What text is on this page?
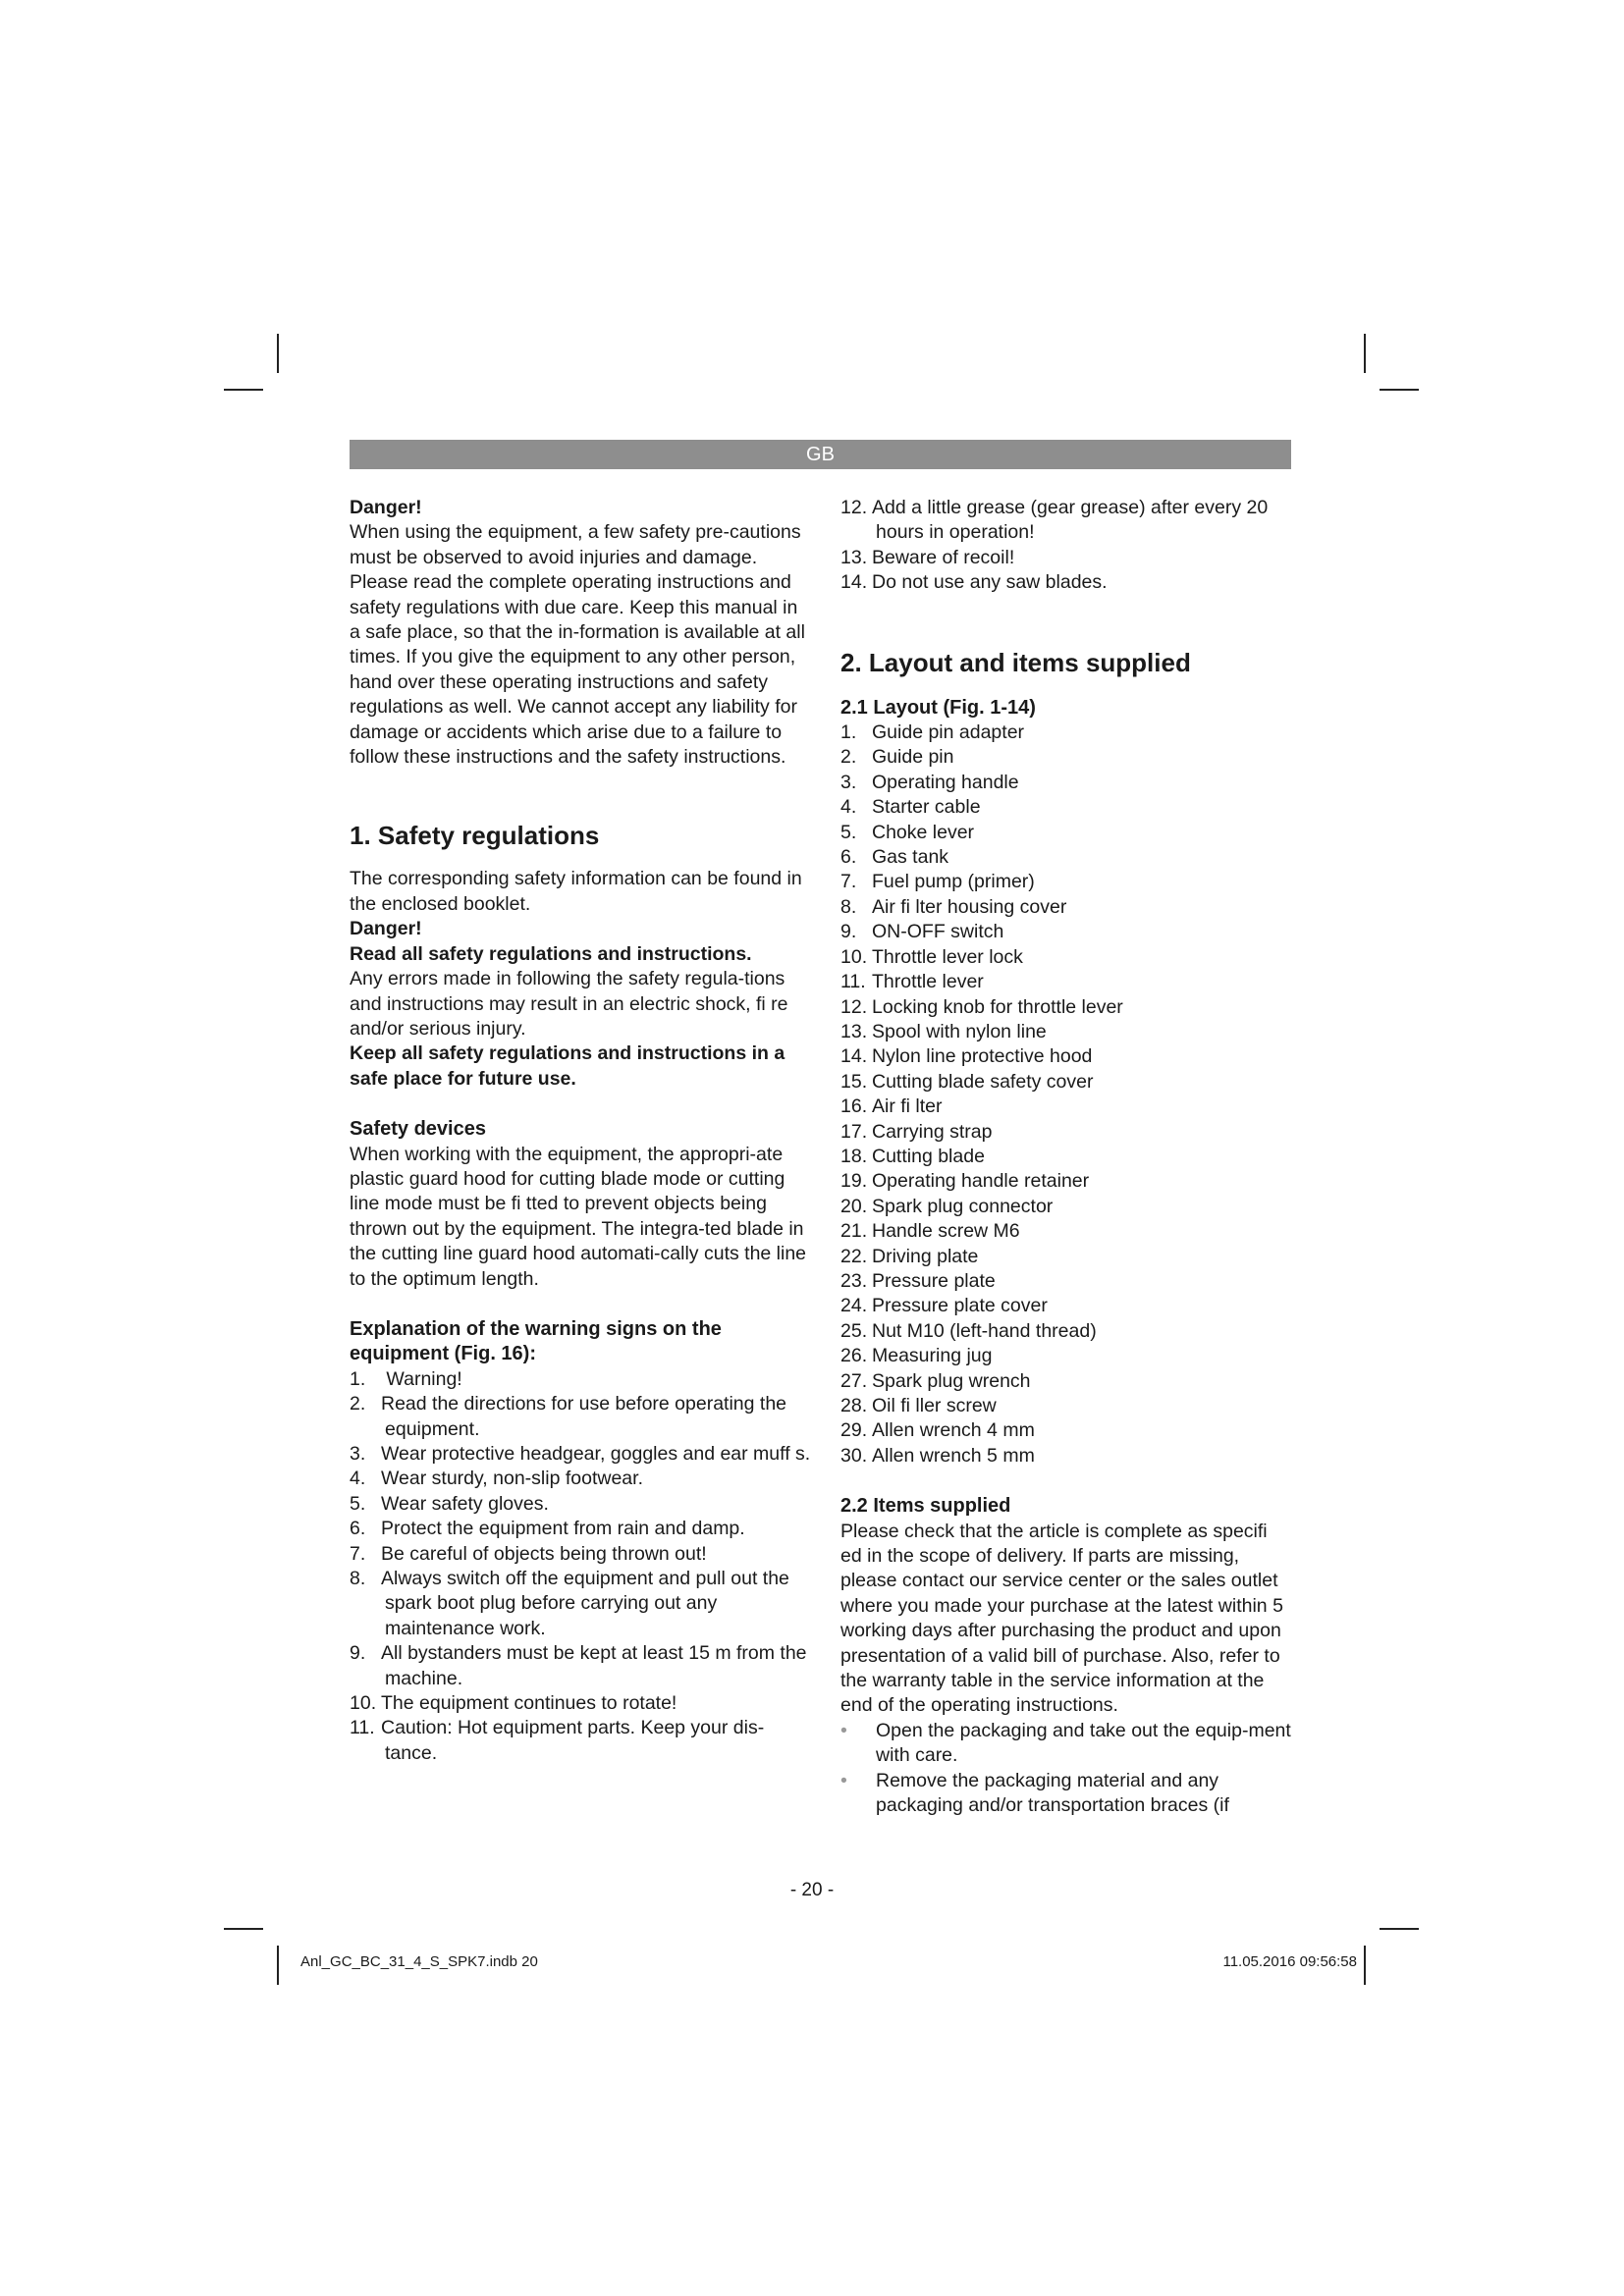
GB

Danger!

When using the equipment, a few safety pre-cautions must be observed to avoid injuries and damage. Please read the complete operating instructions and safety regulations with due care. Keep this manual in a safe place, so that the in-formation is available at all times. If you give the equipment to any other person, hand over these operating instructions and safety regulations as well. We cannot accept any liability for damage or accidents which arise due to a failure to follow these instructions and the safety instructions.

1. Safety regulations

The corresponding safety information can be found in the enclosed booklet.

Danger!

Read all safety regulations and instructions.

Any errors made in following the safety regula-tions and instructions may result in an electric shock, fi re and/or serious injury.

Keep all safety regulations and instructions in a safe place for future use.

Safety devices

When working with the equipment, the appropri-ate plastic guard hood for cutting blade mode or cutting line mode must be fi tted to prevent objects being thrown out by the equipment. The integra-ted blade in the cutting line guard hood automati-cally cuts the line to the optimum length.

Explanation of the warning signs on the equipment (Fig. 16):
1. Warning!
2. Read the directions for use before operating the equipment.
3. Wear protective headgear, goggles and ear muff s.
4. Wear sturdy, non-slip footwear.
5. Wear safety gloves.
6. Protect the equipment from rain and damp.
7. Be careful of objects being thrown out!
8. Always switch off the equipment and pull out the spark boot plug before carrying out any maintenance work.
9. All bystanders must be kept at least 15 m from the machine.
10. The equipment continues to rotate!
11. Caution: Hot equipment parts. Keep your dis-tance.
12. Add a little grease (gear grease) after every 20 hours in operation!
13. Beware of recoil!
14. Do not use any saw blades.
2. Layout and items supplied
2.1 Layout (Fig. 1-14)
1. Guide pin adapter
2. Guide pin
3. Operating handle
4. Starter cable
5. Choke lever
6. Gas tank
7. Fuel pump (primer)
8. Air fi lter housing cover
9. ON-OFF switch
10. Throttle lever lock
11. Throttle lever
12. Locking knob for throttle lever
13. Spool with nylon line
14. Nylon line protective hood
15. Cutting blade safety cover
16. Air fi lter
17. Carrying strap
18. Cutting blade
19. Operating handle retainer
20. Spark plug connector
21. Handle screw M6
22. Driving plate
23. Pressure plate
24. Pressure plate cover
25. Nut M10 (left-hand thread)
26. Measuring jug
27. Spark plug wrench
28. Oil fi ller screw
29. Allen wrench 4 mm
30. Allen wrench 5 mm
2.2 Items supplied

Please check that the article is complete as specifi ed in the scope of delivery. If parts are missing, please contact our service center or the sales outlet where you made your purchase at the latest within 5 working days after purchasing the product and upon presentation of a valid bill of purchase. Also, refer to the warranty table in the service information at the end of the operating instructions.

• Open the packaging and take out the equip-ment with care.
• Remove the packaging material and any packaging and/or transportation braces (if
- 20 -
Anl_GC_BC_31_4_S_SPK7.indb 20	11.05.2016 09:56:58
